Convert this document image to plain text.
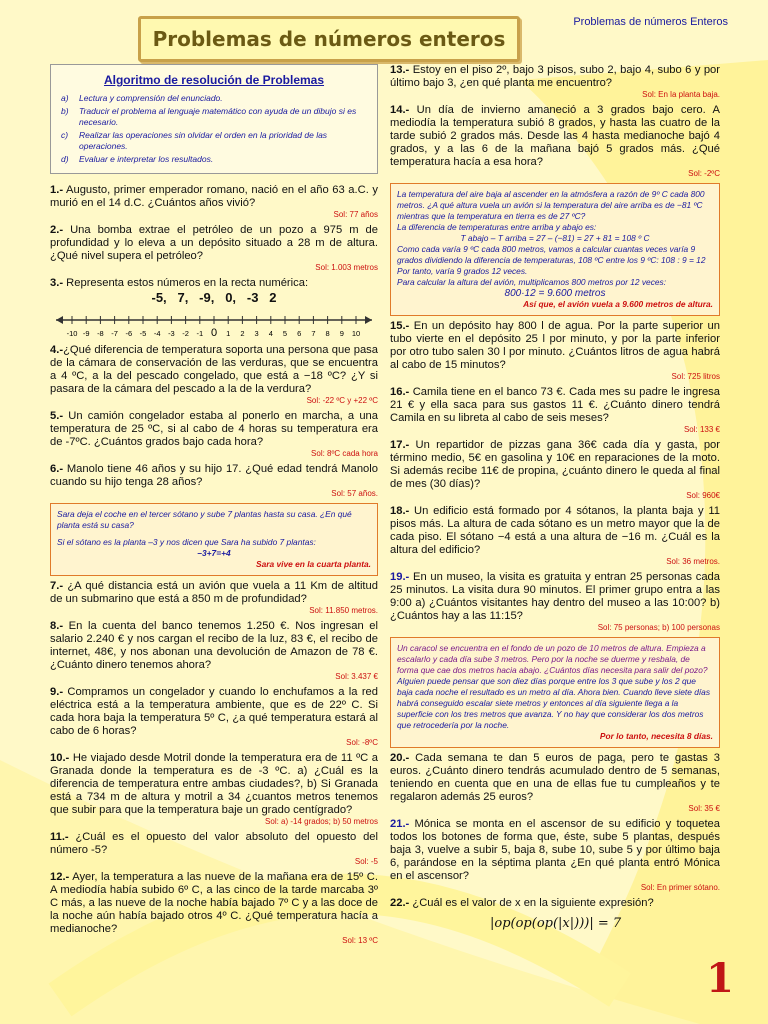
Problemas de números enteros
Problemas de números Enteros
Algoritmo de resolución de Problemas
a)	Lectura y comprensión del enunciado.
b)	Traducir el problema al lenguaje matemático con ayuda de un dibujo si es necesario.
c)	Realizar las operaciones sin olvidar el orden en la prioridad de las operaciones.
d)	Evaluar e interpretar los resultados.

1.- Augusto, primer emperador romano, nació en el año 63 a.C. y murió en el 14 d.C. ¿Cuántos años vivió?

Sol: 77 años

2.- Una bomba extrae el petróleo de un pozo a 975 m de profundidad y lo eleva a un depósito situado a 28 m de altura. ¿Qué nivel supera el petróleo?

Sol: 1.003 metros

3.- Representa estos números en la recta numérica:

-5,   7,   -9,   0,   -3   2
-10 -9 -8 -7 -6 -5 -4 -3 -2 -1 0 1 2 3 4 5 6 7 8 9 10

4.-¿Qué diferencia de temperatura soporta una persona que pasa de la cámara de conservación de las verduras, que se encuentra a 4 ºC, a la del pescado congelado, que está a −18 ºC? ¿Y si pasara de la cámara del pescado a la de la verdura?

Sol: -22 ºC y +22 ºC

5.- Un camión congelador estaba al ponerlo en marcha, a una temperatura de 25 ºC, si al cabo de 4 horas su temperatura era de -7ºC. ¿Cuántos grados bajo cada hora?

Sol: 8ºC cada hora

6.- Manolo tiene 46 años y su hijo 17. ¿Qué edad tendrá Manolo cuando su hijo tenga 28 años?

Sol: 57 años.

Sara deja el coche en el tercer sótano y sube 7 plantas hasta su casa. ¿En qué planta está su casa?

Si el sótano es la planta –3 y nos dicen que Sara ha subido 7 plantas:

–3+7=+4

Sara vive en la cuarta planta.

7.- ¿A qué distancia está un avión que vuela a 11 Km de altitud de un submarino que está a 850 m de profundidad?

Sol: 11.850 metros.

8.- En la cuenta del banco tenemos 1.250 €. Nos ingresan el salario 2.240 € y nos cargan el recibo de la luz, 83 €, el recibo de internet, 48€, y nos abonan una devolución de Amazon de 78 €. ¿Cuánto dinero tenemos ahora?

Sol: 3.437 €

9.- Compramos un congelador y cuando lo enchufamos a la red eléctrica está a la temperatura ambiente, que es de 22º C. Si cada hora baja la temperatura 5º C, ¿a qué temperatura estará al cabo de 6 horas?

Sol: -8ºC

10.- He viajado desde Motril donde la temperatura era de 11 ºC a Granada donde la temperatura es de -3 ºC. a) ¿Cuál es la diferencia de temperatura entre ambas ciudades?, b) Si Granada está a 734 m de altura y motril a 34 ¿cuantos metros tenemos que subir para que la temperatura baje un grado centígrado?

Sol: a) -14 grados; b) 50 metros

11.- ¿Cuál es el opuesto del valor absoluto del opuesto del número -5?

Sol: -5

12.- Ayer, la temperatura a las nueve de la mañana era de 15º C. A mediodía había subido 6º C, a las cinco de la tarde marcaba 3º C más, a las nueve de la noche había bajado 7º C y a las doce de la noche aún había bajado otros 4º C. ¿Qué temperatura hacía a medianoche?

Sol: 13 ºC

13.- Estoy en el piso 2º, bajo 3 pisos, subo 2, bajo 4, subo 6 y por último bajo 3, ¿en qué planta me encuentro?

Sol: En la planta baja.

14.- Un día de invierno amaneció a 3 grados bajo cero. A mediodía la temperatura subió 8 grados, y hasta las cuatro de la tarde subió 2 grados más. Desde las 4 hasta medianoche bajó 4 grados, y a las 6 de la mañana bajó 5 grados más. ¿Qué temperatura hacía a esa hora?

Sol: -2ºC

La temperatura del aire baja al ascender en la atmósfera a razón de 9º C cada 800 metros. ¿A qué altura vuela un avión si la temperatura del aire arriba es de −81 ºC mientras que la temperatura en tierra es de 27 ºC?

La diferencia de temperaturas entre arriba y abajo es:

T abajo – T arriba = 27 – (−81) = 27 + 81 = 108 º C

Como cada varía 9 ºC cada 800 metros, vamos a calcular cuantas veces varía 9 grados dividiendo la diferencia de temperaturas, 108 ºC entre los 9 ºC: 108 : 9 = 12 Por tanto, varía 9 grados 12 veces.

Para calcular la altura del avión, multiplicamos 800 metros por 12 veces:

800·12 = 9.600 metros

Así que, el avión vuela a 9.600 metros de altura.

15.- En un depósito hay 800 l de agua. Por la parte superior un tubo vierte en el depósito 25 l por minuto, y por la parte inferior por otro tubo salen 30 l por minuto. ¿Cuántos litros de agua habrá al cabo de 15 minutos?

Sol: 725 litros

16.- Camila tiene en el banco 73 €. Cada mes su padre le ingresa 21 € y ella saca para sus gastos 11 €. ¿Cuánto dinero tendrá Camila en su libreta al cabo de seis meses?

Sol: 133 €

17.- Un repartidor de pizzas gana 36€ cada día y gasta, por término medio, 5€ en gasolina y 10€ en reparaciones de la moto. Si además recibe 11€ de propina, ¿cuánto dinero le queda al final de mes (30 días)?

Sol: 960€

18.- Un edificio está formado por 4 sótanos, la planta baja y 11 pisos más. La altura de cada sótano es un metro mayor que la de cada piso. El sótano −4 está a una altura de −16 m. ¿Cuál es la altura del edificio?

Sol: 36 metros.

19.- En un museo, la visita es gratuita y entran 25 personas cada 25 minutos. La visita dura 90 minutos. El primer grupo entra a las 9:00 a) ¿Cuántos visitantes hay dentro del museo a las 10:00? b) ¿Cuántos hay a las 11:15?

Sol: 75 personas; b) 100 personas

Un caracol se encuentra en el fondo de un pozo de 10 metros de altura. Empieza a escalarlo y cada día sube 3 metros. Pero por la noche se duerme y resbala, de forma que cae dos metros hacia abajo. ¿Cuántos días necesita para salir del pozo?

Alguien puede pensar que son diez días porque entre los 3 que sube y los 2 que baja cada noche el resultado es un metro al día. Ahora bien. Cuando lleve siete días habrá conseguido escalar siete metros y entonces al día siguiente llega a la superficie con los tres metros que avanza. Y no hay que considerar los dos metros que retrocedería por la noche.

Por lo tanto, necesita 8 días.

20.- Cada semana te dan 5 euros de paga, pero te gastas 3 euros. ¿Cuánto dinero tendrás acumulado dentro de 5 semanas, teniendo en cuenta que en una de ellas fue tu cumpleaños y te regalaron además 25 euros?

Sol: 35 €

21.- Mónica se monta en el ascensor de su edificio y toquetea todos los botones de forma que, éste, sube 5 plantas, después baja 3, vuelve a subir 5, baja 8, sube 10, sube 5 y por último baja 6, parándose en la séptima planta ¿En qué planta entró Mónica en el ascensor?

Sol: En primer sótano.

22.- ¿Cuál es el valor de x en la siguiente expresión?

|op(op(op(|x|)))| = 7

1
